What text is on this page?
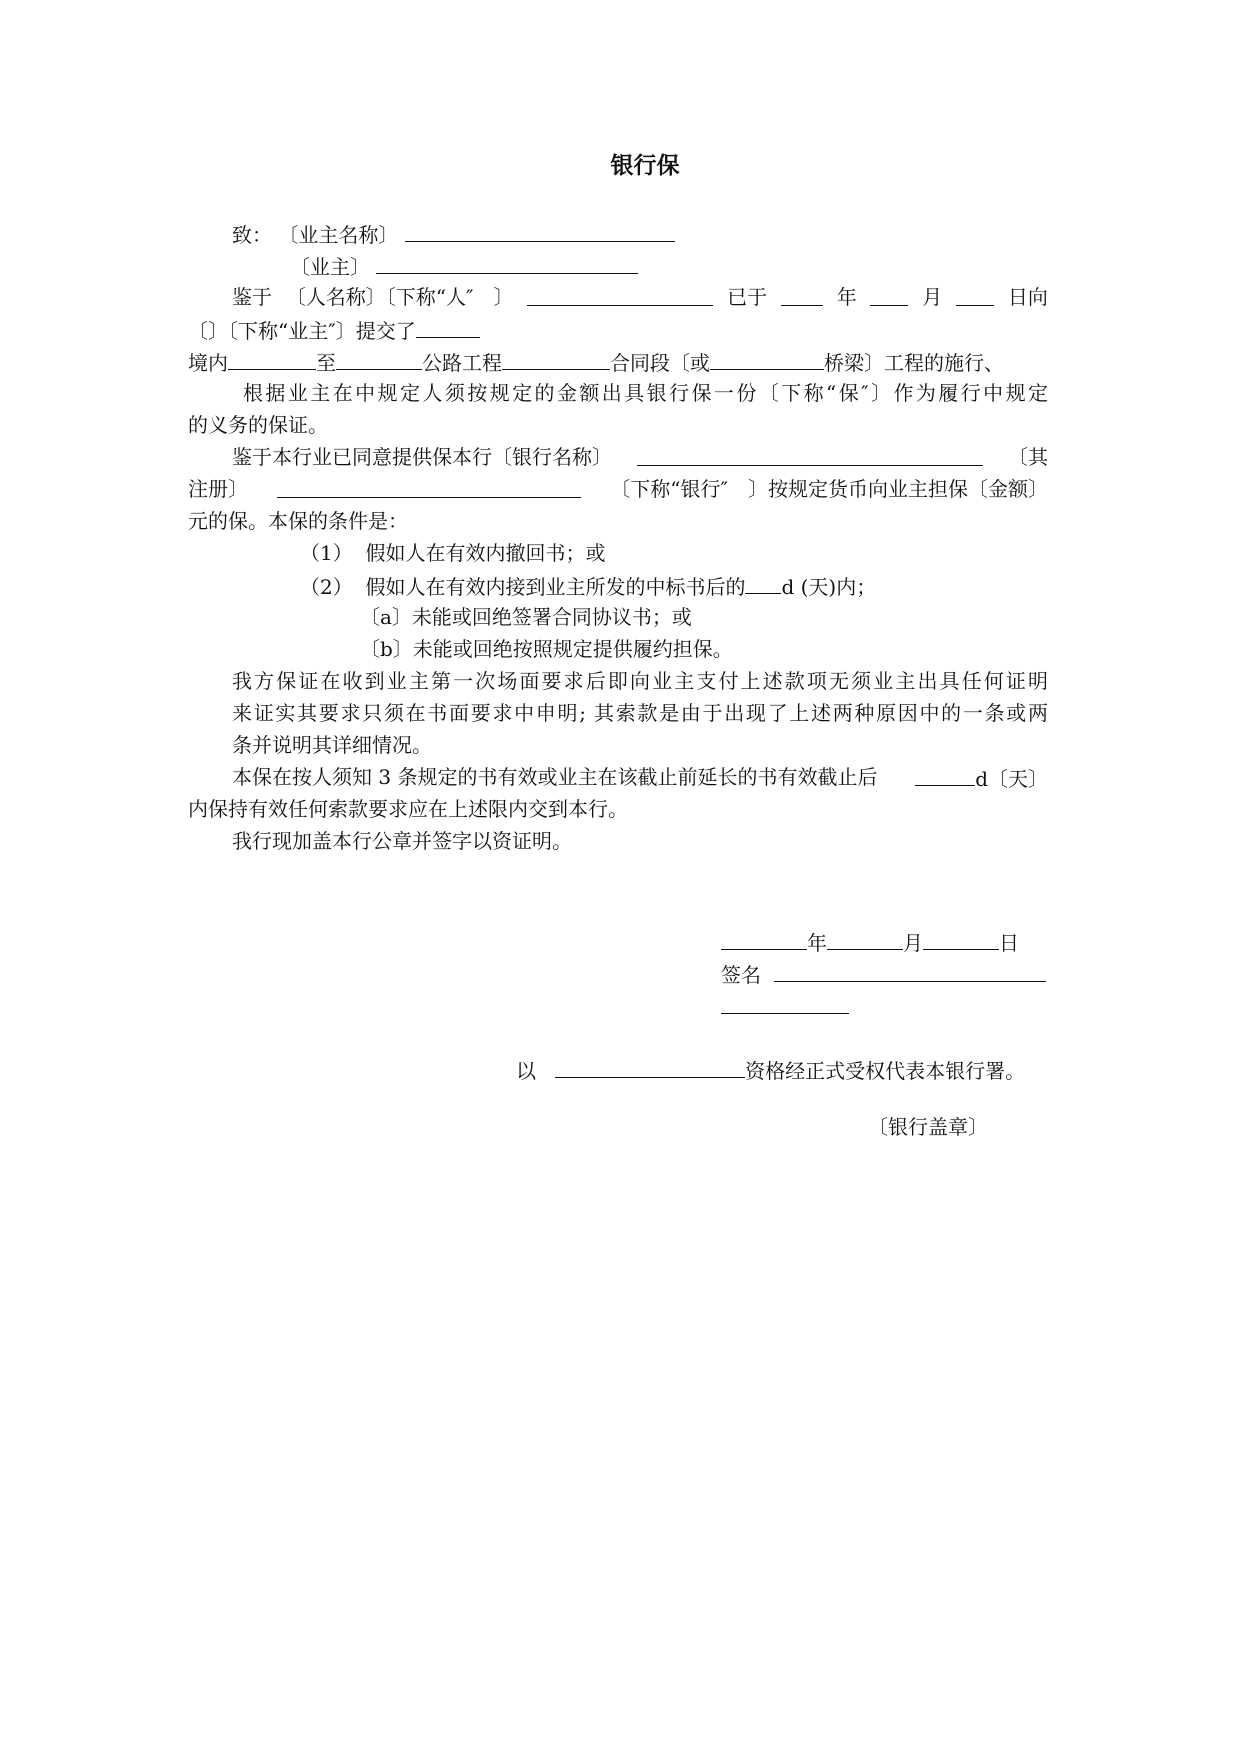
银行保
致： 〔业主名称〕
〔业主〕
鉴于 〔人名称〕〔下称“人″　〕	已于	年	月	日向
〔〕〔下称“业主″〕提交了
境内	至	公路工程	合同段〔或	桥梁〕工程的施行、
根据业主在中规定人须按规定的金额出具银行保一份〔下称“保″〕作为履行中规定
的义务的保证。
鉴于本行业已同意提供保本行〔银行名称〕	〔其
注册〕	〔下称“银行″　〕按规定货币向业主担保〔金额〕
元的保。本保的条件是：
（1） 假如人在有效内撤回书；或
（2） 假如人在有效内接到业主所发的中标书后的 d (天)内；
〔a〕未能或回绝签署合同协议书；或
〔b〕未能或回绝按照规定提供履约担保。
我方保证在收到业主第一次场面要求后即向业主支付上述款项无须业主出具任何证明
来证实其要求只须在书面要求中申明; 其索款是由于出现了上述两种原因中的一条或两
条并说明其详细情况。
本保在按人须知 3 条规定的书有效或业主在该截止前延长的书有效截止后	d〔天〕
内保持有效任何索款要求应在上述限内交到本行。
我行现加盖本行公章并签字以资证明。
年	月	日
签名
以	资格经正式受权代表本银行署。
〔银行盖章〕
